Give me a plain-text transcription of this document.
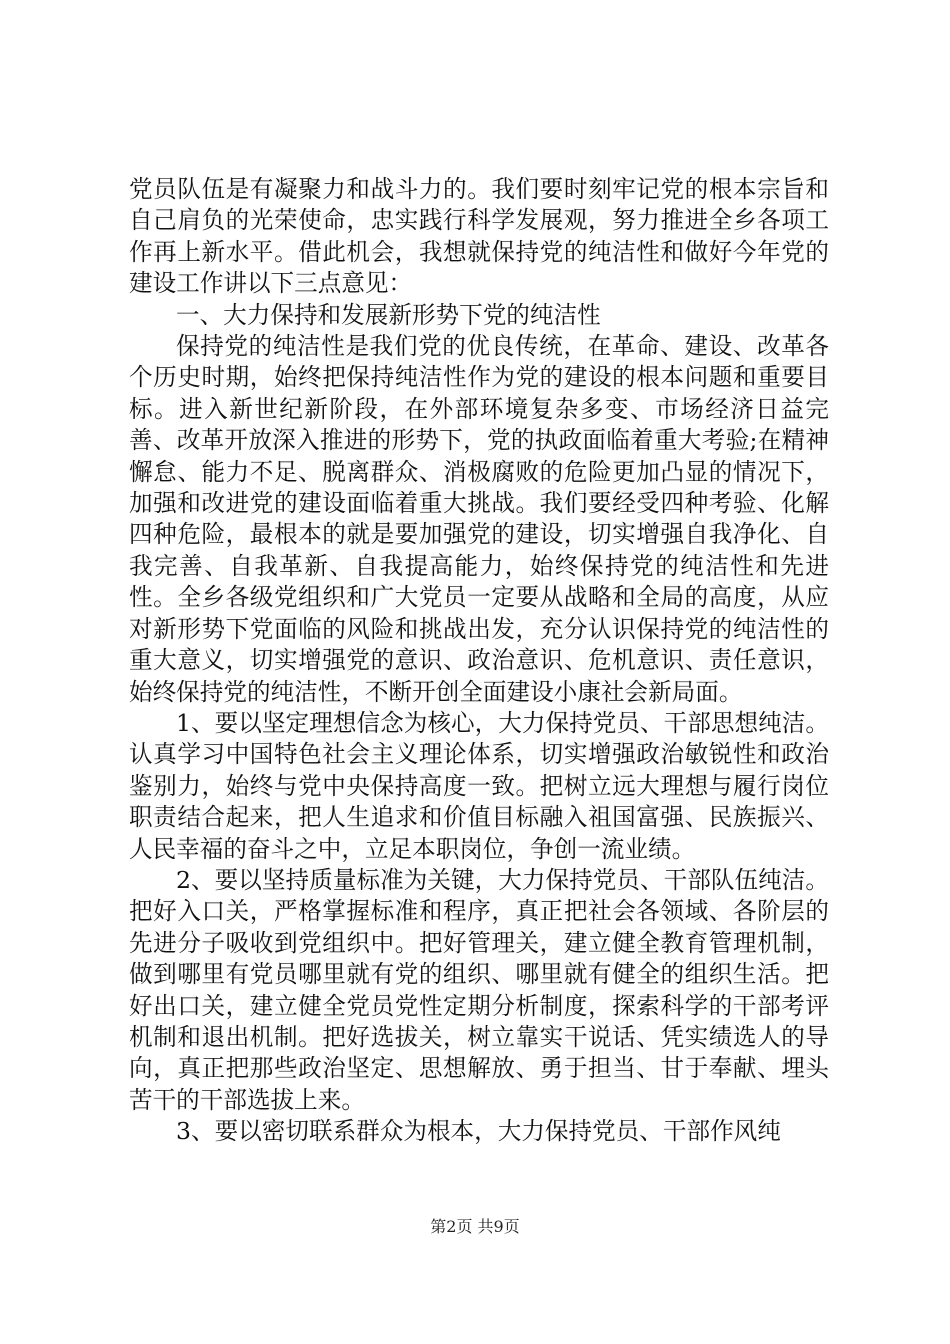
党员队伍是有凝聚力和战斗力的。我们要时刻牢记党的根本宗旨和自己肩负的光荣使命，忠实践行科学发展观，努力推进全乡各项工作再上新水平。借此机会，我想就保持党的纯洁性和做好今年党的建设工作讲以下三点意见：

一、大力保持和发展新形势下党的纯洁性

保持党的纯洁性是我们党的优良传统，在革命、建设、改革各个历史时期，始终把保持纯洁性作为党的建设的根本问题和重要目标。进入新世纪新阶段，在外部环境复杂多变、市场经济日益完善、改革开放深入推进的形势下，党的执政面临着重大考验;在精神懈怠、能力不足、脱离群众、消极腐败的危险更加凸显的情况下，加强和改进党的建设面临着重大挑战。我们要经受四种考验、化解四种危险，最根本的就是要加强党的建设，切实增强自我净化、自我完善、自我革新、自我提高能力，始终保持党的纯洁性和先进性。全乡各级党组织和广大党员一定要从战略和全局的高度，从应对新形势下党面临的风险和挑战出发，充分认识保持党的纯洁性的重大意义，切实增强党的意识、政治意识、危机意识、责任意识，始终保持党的纯洁性，不断开创全面建设小康社会新局面。

1、要以坚定理想信念为核心，大力保持党员、干部思想纯洁。认真学习中国特色社会主义理论体系，切实增强政治敏锐性和政治鉴别力，始终与党中央保持高度一致。把树立远大理想与履行岗位职责结合起来，把人生追求和价值目标融入祖国富强、民族振兴、人民幸福的奋斗之中，立足本职岗位，争创一流业绩。

2、要以坚持质量标准为关键，大力保持党员、干部队伍纯洁。把好入口关，严格掌握标准和程序，真正把社会各领域、各阶层的先进分子吸收到党组织中。把好管理关，建立健全教育管理机制，做到哪里有党员哪里就有党的组织、哪里就有健全的组织生活。把好出口关，建立健全党员党性定期分析制度，探索科学的干部考评机制和退出机制。把好选拔关，树立靠实干说话、凭实绩选人的导向，真正把那些政治坚定、思想解放、勇于担当、甘于奉献、埋头苦干的干部选拔上来。

3、要以密切联系群众为根本，大力保持党员、干部作风纯

第2页 共9页
